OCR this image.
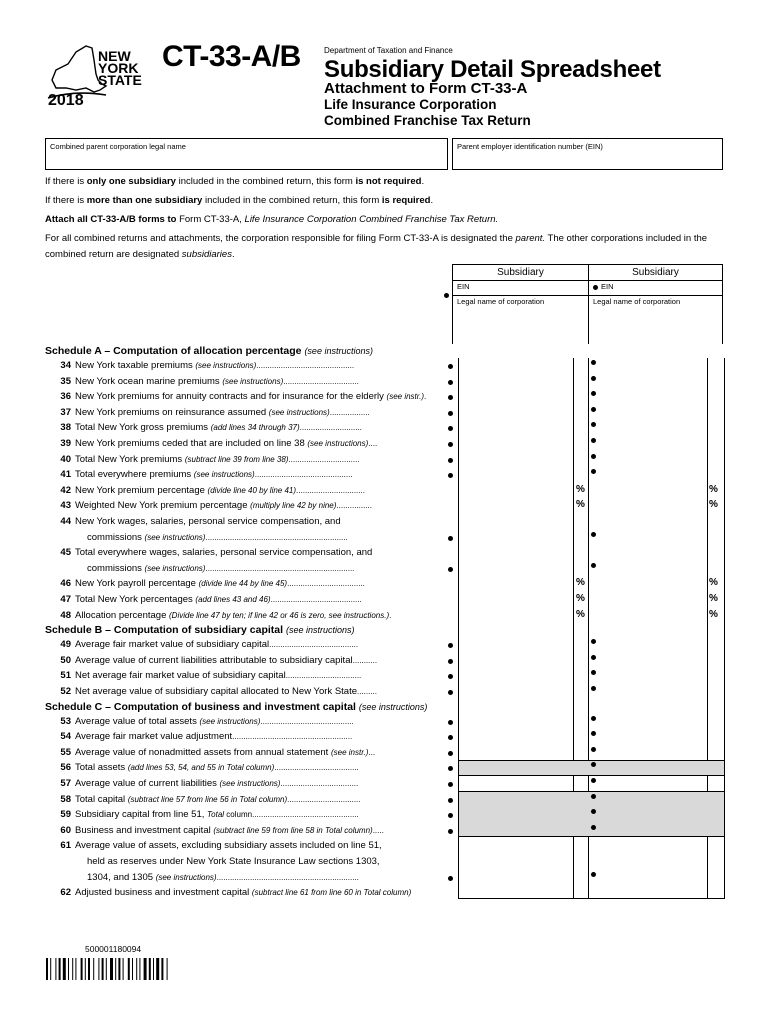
NEW
YORK
STATE
2018
CT-33-A/B	Department of Taxation and Finance
Subsidiary Detail Spreadsheet
Attachment to Form CT-33-A
Life Insurance Corporation
Combined Franchise Tax Return
Combined parent corporation legal name	Parent employer identification number (EIN)
If there is only one subsidiary included in the combined return, this form is not required.
If there is more than one subsidiary included in the combined return, this form is required.
Attach all CT-33-A/B forms to Form CT-33-A, Life Insurance Corporation Combined Franchise Tax Return.
For all combined returns and attachments, the corporation responsible for filing Form CT-33-A is designated the parent. The other corporations included in the combined return are designated subsidiaries.
Subsidiary
EIN
Legal name of corporation
Subsidiary
EIN
Legal name of corporation
Schedule A – Computation of allocation percentage (see instructions)
34 New York taxable premiums (see instructions)............................................
35 New York ocean marine premiums (see instructions)..................................
36 New York premiums for annuity contracts and for insurance for the elderly (see instr.).
37 New York premiums on reinsurance assumed (see instructions)..................
38 Total New York gross premiums (add lines 34 through 37)............................
39 New York premiums ceded that are included on line 38 (see instructions)....
40 Total New York premiums (subtract line 39 from line 38)................................
41 Total everywhere premiums (see instructions)............................................
42 New York premium percentage (divide line 40 by line 41)...............................	%	%
43 Weighted New York premium percentage (multiply line 42 by nine)................	%	%
44 New York wages, salaries, personal service compensation, and
commissions (see instructions)................................................................
45 Total everywhere wages, salaries, personal service compensation, and
commissions (see instructions)...................................................................
46 New York payroll percentage (divide line 44 by line 45)...................................	%	%
47 Total New York percentages (add lines 43 and 46).........................................	%	%
48 Allocation percentage (Divide line 47 by ten; if line 42 or 46 is zero, see instructions.).	%	%
Schedule B – Computation of subsidiary capital (see instructions)
49 Average fair market value of subsidiary capital........................................
50 Average value of current liabilities attributable to subsidiary capital...........
51 Net average fair market value of subsidiary capital..................................
52 Net average value of subsidiary capital allocated to New York State.........
Schedule C – Computation of business and investment capital (see instructions)
53 Average value of total assets (see instructions)..........................................
54 Average fair market value adjustment......................................................
55 Average value of nonadmitted assets from annual statement (see instr.)...
56 Total assets (add lines 53, 54, and 55 in Total column)......................................
57 Average value of current liabilities (see instructions)...................................
58 Total capital (subtract line 57 from line 56 in Total column).................................
59 Subsidiary capital from line 51, Total column................................................
60 Business and investment capital (subtract line 59 from line 58 in Total column).....
61 Average value of assets, excluding subsidiary assets included on line 51,
held as reserves under New York State Insurance Law sections 1303,
1304, and 1305 (see instructions)................................................................
62 Adjusted business and investment capital (subtract line 61 from line 60 in Total column)
500001180094
